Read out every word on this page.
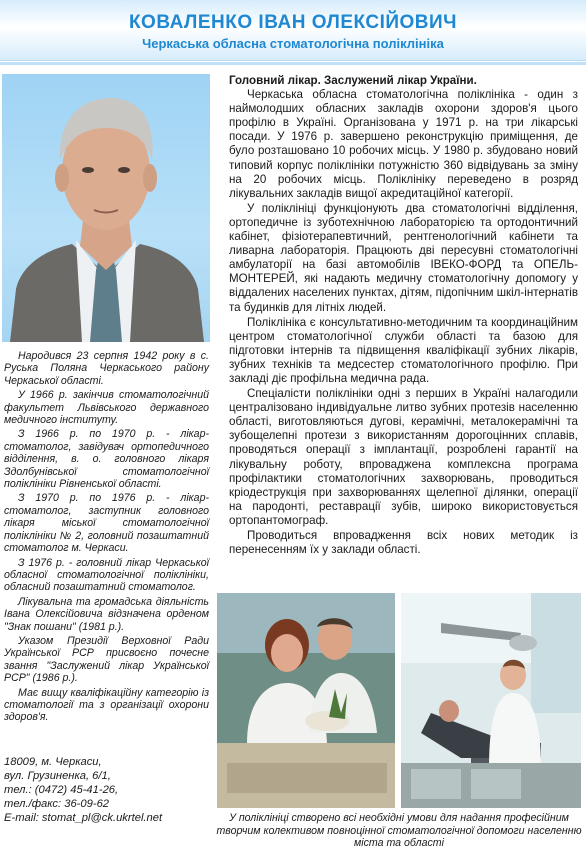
КОВАЛЕНКО ІВАН ОЛЕКСІЙОВИЧ
Черкаська обласна стоматологічна поліклініка

Народився 23 серпня 1942 року в с. Руська Поляна Черкаського району Черкаської області.

У 1966 р. закінчив стоматологічний факультет Львівського державного медичного інституту.

З 1966 р. по 1970 р. - лікар-стоматолог, завідувач ортопедичного відділення, в. о. головного лікаря Здолбунівської стоматологічної поліклініки Рівненської області.

З 1970 р. по 1976 р. - лікар-стоматолог, заступник головного лікаря міської стоматологічної поліклініки № 2, головний позаштатний стоматолог м. Черкаси.

З 1976 р. - головний лікар Черкаської обласної стоматологічної поліклініки, обласний позаштатний стоматолог.

Лікувальна та громадська діяльність Івана Олексійовича відзначена орденом "Знак пошани" (1981 р.).

Указом Президії Верховної Ради Української РСР присвоєно почесне звання "Заслужений лікар Української РСР" (1986 р.).

Має вищу кваліфікаційну категорію із стоматології та з організації охорони здоров'я.

18009, м. Черкаси,
вул. Грузиненка, 6/1,
тел.: (0472) 45-41-26,
тел./факс: 36-09-62
E-mail: stomat_pl@ck.ukrtel.net

Головний лікар. Заслужений лікар України.

Черкаська обласна стоматологічна поліклініка - один з наймолодших обласних закладів охорони здоров'я цього профілю в Україні. Організована у 1971 р. на три лікарські посади. У 1976 р. завершено реконструкцію приміщення, де було розташовано 10 робочих місць. У 1980 р. збудовано новий типовий корпус поліклініки потужністю 360 відвідувань за зміну на 20 робочих місць. Поліклініку переведено в розряд лікувальних закладів вищої акредитаційної категорії.

У поліклініці функціонують два стоматологічні відділення, ортопедичне із зуботехнічною лабораторією та ортодонтичний кабінет, фізіотерапевтичний, рентгенологічний кабінети та ливарна лабораторія. Працюють дві пересувні стоматологічні амбулаторії на базі автомобілів ІВЕКО-ФОРД та ОПЕЛЬ-МОНТЕРЕЙ, які надають медичну стоматологічну допомогу у віддалених населених пунктах, дітям, підопічним шкіл-інтернатів та будинків для літніх людей.

Поліклініка є консультативно-методичним та координаційним центром стоматологічної служби області та базою для підготовки інтернів та підвищення кваліфікації зубних лікарів, зубних техніків та медсестер стоматологічного профілю. При закладі діє профільна медична рада.

Спеціалісти поліклініки одні з перших в Україні налагодили централізовано індивідуальне литво зубних протезів населенню області, виготовляються дугові, керамічні, металокерамічні та зубощелепні протези з використанням дорогоцінних сплавів, проводяться операції з імплантації, розроблені гарантії на лікувальну роботу, впроваджена комплексна програма профілактики стоматологічних захворювань, проводиться кріодеструкція при захворюваннях щелепної ділянки, операції на пародонті, реставрації зубів, широко використовується ортопантомограф.

Проводиться впровадження всіх нових методик із перенесенням їх у заклади області.

У поліклініці створено всі необхідні умови для надання професійним творчим колективом повноцінної стоматологічної допомоги населенню міста та області
